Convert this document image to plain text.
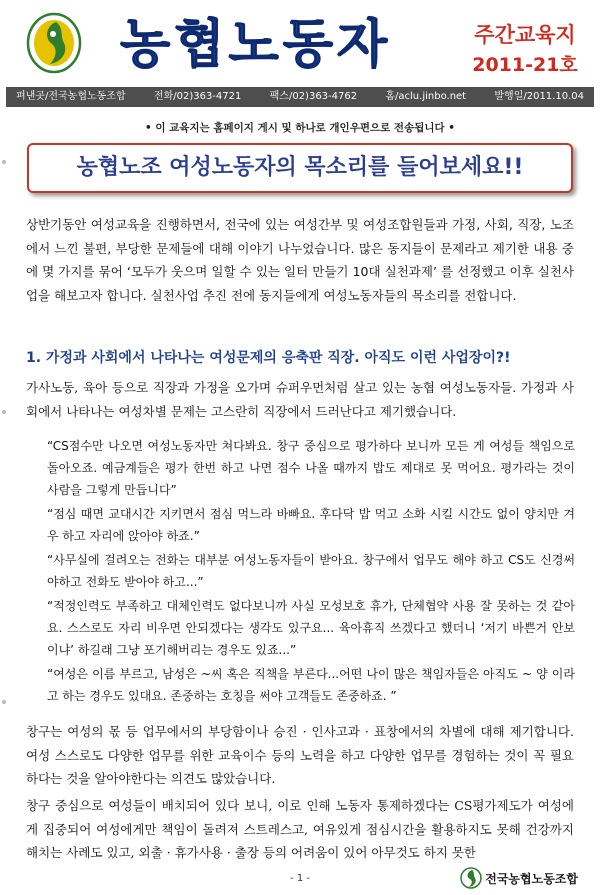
농협노동자	주간교육지
2011-21호
펴낸곳/전국농협노동조합	전화/02)363-4721	팩스/02)363-4762	홈/aclu.jinbo.net	발행일/2011.10.04
• 이 교육지는 홈페이지 게시 및 하나로 개인우편으로 전송됩니다 •
농협노조 여성노동자의 목소리를 들어보세요!!
상반기동안 여성교육을 진행하면서, 전국에 있는 여성간부 및 여성조합원들과 가정, 사회, 직장, 노조에서 느낀 불편, 부당한 문제들에 대해 이야기 나누었습니다. 많은 동지들이 문제라고 제기한 내용 중에 몇 가지를 묶어 ‘모두가 웃으며 일할 수 있는 일터 만들기 10대 실천과제’ 를 선정했고 이후 실천사업을 해보고자 합니다. 실천사업 추진 전에 동지들에게 여성노동자들의 목소리를 전합니다.
1. 가정과 사회에서 나타나는 여성문제의 응축판 직장. 아직도 이런 사업장이?!
가사노동, 육아 등으로 직장과 가정을 오가며 슈퍼우먼처럼 살고 있는 농협 여성노동자들. 가정과 사회에서 나타나는 여성차별 문제는 고스란히 직장에서 드러난다고 제기했습니다.

“CS점수만 나오면 여성노동자만 쳐다봐요. 창구 중심으로 평가하다 보니까 모든 게 여성들 책임으로 돌아오죠. 예금계들은 평가 한번 하고 나면 점수 나올 때까지 밥도 제대로 못 먹어요. 평가라는 것이 사람을 그렇게 만듭니다”

“점심 때면 교대시간 지키면서 점심 먹느라 바빠요. 후다닥 밥 먹고 소화 시킬 시간도 없이 양치만 겨우 하고 자리에 앉아야 하죠.”

“사무실에 걸려오는 전화는 대부분 여성노동자들이 받아요. 창구에서 업무도 해야 하고 CS도 신경써야하고 전화도 받아야 하고...”

“적정인력도 부족하고 대체인력도 없다보니까 사실 모성보호 휴가, 단체협약 사용 잘 못하는 것 같아요. 스스로도 자리 비우면 안되겠다는 생각도 있구요... 육아휴직 쓰겠다고 했더니 ‘저기 바쁜거 안보이냐’ 하길래 그냥 포기해버리는 경우도 있죠...”

“여성은 이름 부르고, 남성은 ~씨 혹은 직책을 부른다...어떤 나이 많은 책임자들은 아직도 ~ 양 이라고 하는 경우도 있대요. 존중하는 호칭을 써야 고객들도 존중하죠. ”

창구는 여성의 몫 등 업무에서의 부당함이나 승진 · 인사고과 · 표창에서의 차별에 대해 제기합니다. 여성 스스로도 다양한 업무를 위한 교육이수 등의 노력을 하고 다양한 업무를 경험하는 것이 꼭 필요하다는 것을 알아야한다는 의견도 많았습니다.
창구 중심으로 여성들이 배치되어 있다 보니, 이로 인해 노동자 통제하겠다는 CS평가제도가 여성에게 집중되어 여성에게만 책임이 돌려져 스트레스고, 여유있게 점심시간을 활용하지도 못해 건강까지 해치는 사례도 있고, 외출 · 휴가사용 · 출장 등의 어려움이 있어 아무것도 하지 못한
- 1 -	전국농협노동조합
